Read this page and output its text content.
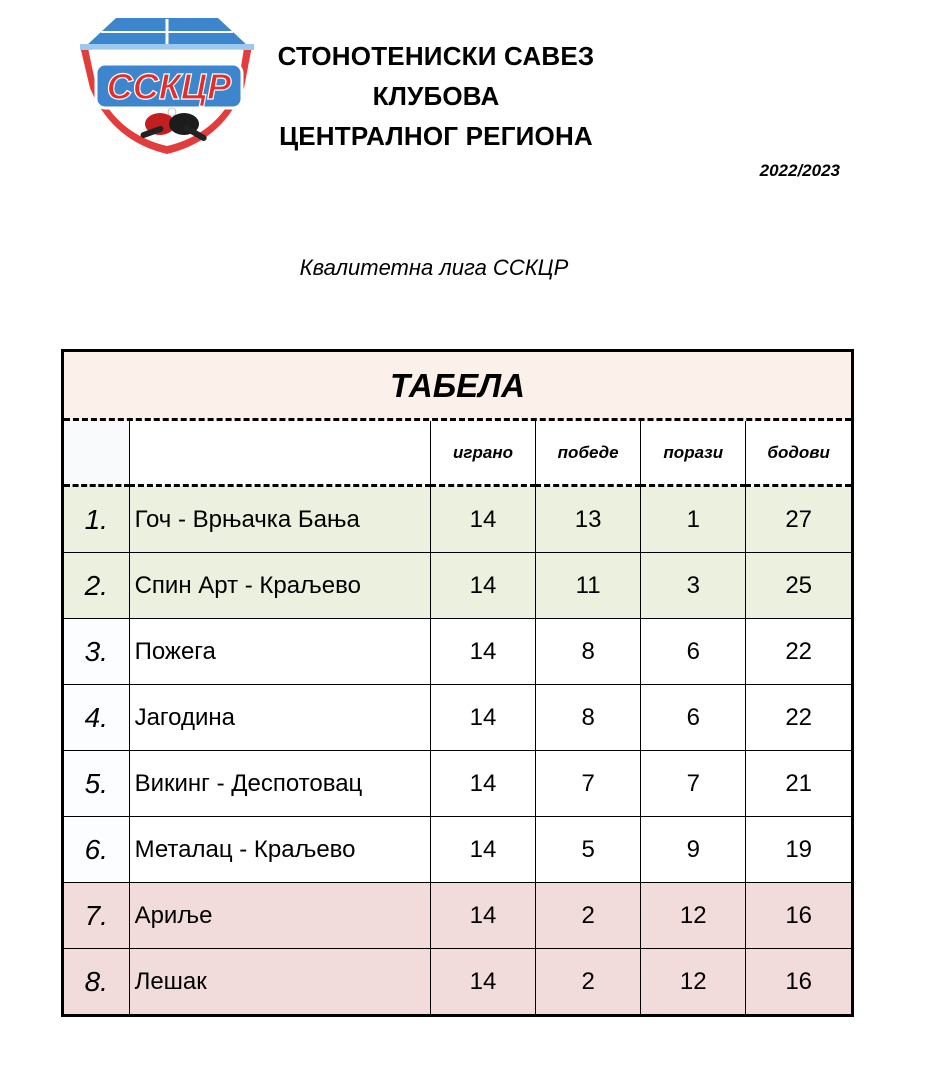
ССКЦР
СТОНОТЕНИСКИ САВЕЗ
КЛУБОВА
ЦЕНТРАЛНОГ РЕГИОНА
2022/2023
Квалитетна лига ССКЦР
ТАБЕЛА
		играно	победе	порази	бодови
1.	Гоч - Врњачка Бања	14	13	1	27
2.	Спин Арт - Краљево	14	11	3	25
3.	Пожега	14	8	6	22
4.	Јагодина	14	8	6	22
5.	Викинг - Деспотовац	14	7	7	21
6.	Металац - Краљево	14	5	9	19
7.	Ариље	14	2	12	16
8.	Лешак	14	2	12	16
